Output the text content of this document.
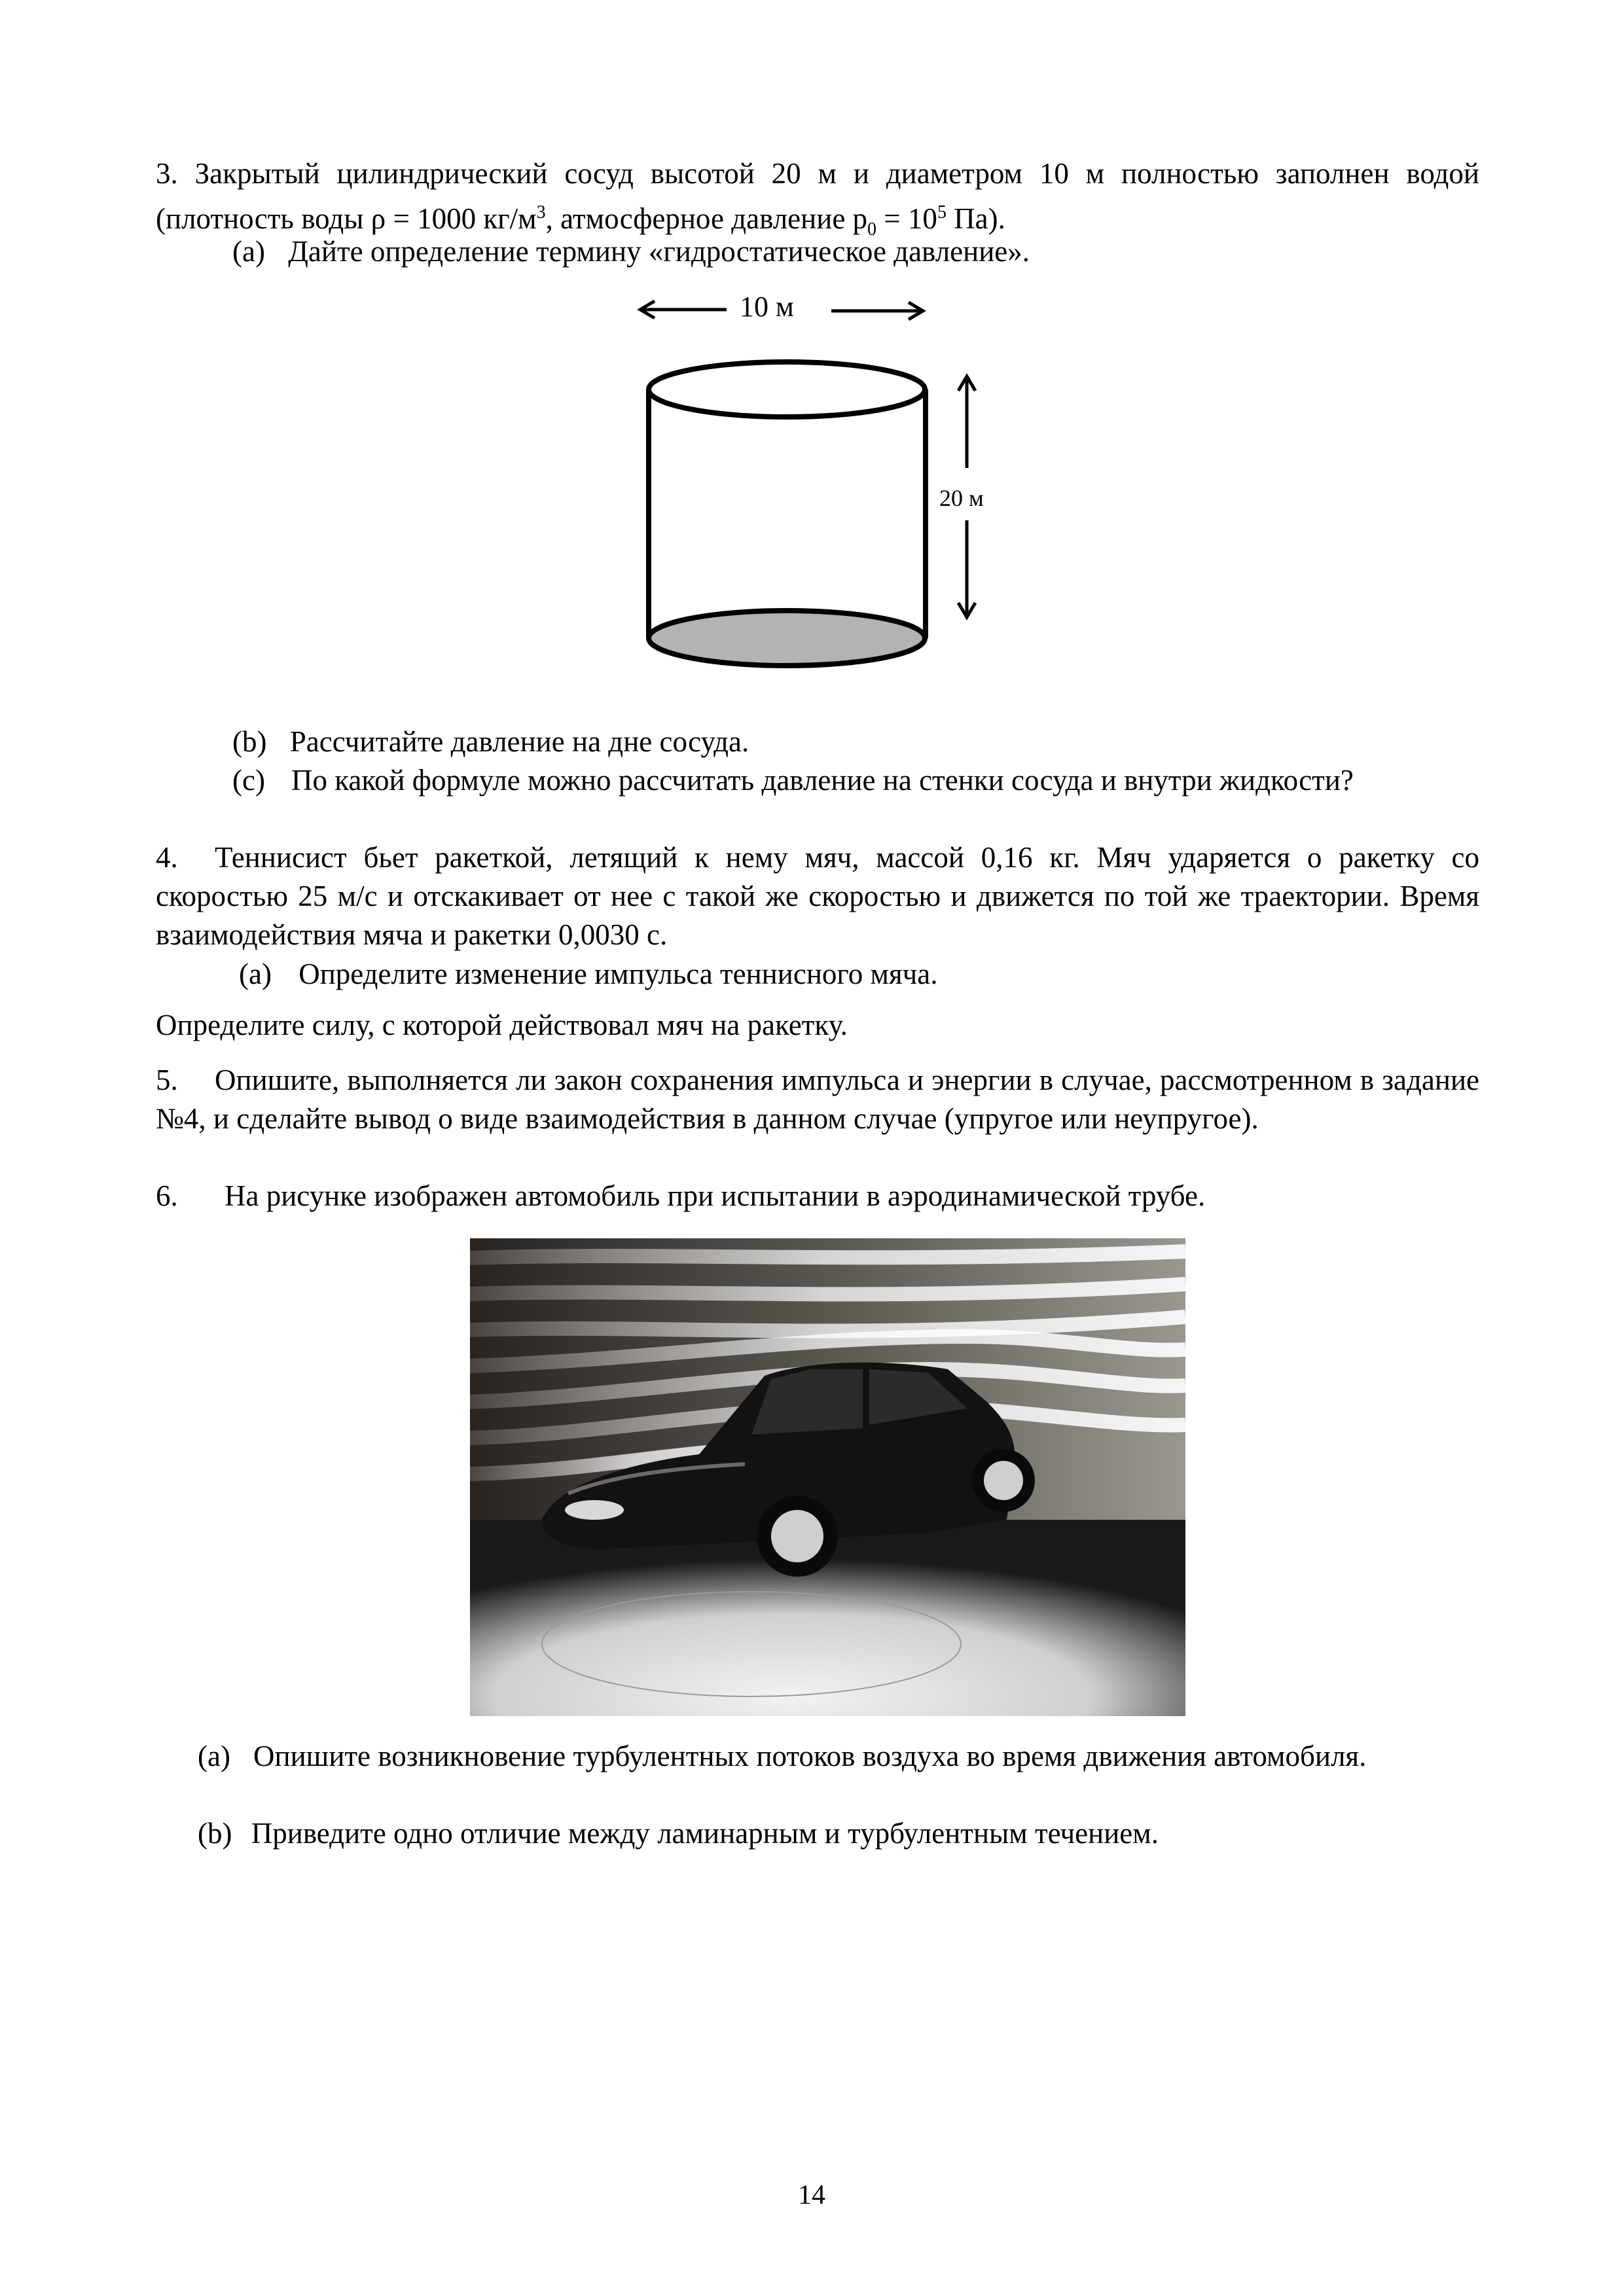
3. Закрытый цилиндрический сосуд высотой 20 м и диаметром 10 м полностью заполнен водой (плотность воды ρ = 1000 $кг/м^3$, атмосферное давление $p_0 = 10^5$ Па).

(a) Дайте определение термину «гидростатическое давление».
10 м
20 м
(b) Рассчитайте давление на дне сосуда.
(c) По какой формуле можно рассчитать давление на стенки сосуда и внутри жидкости?

4.	Теннисист бьет ракеткой, летящий к нему мяч, массой 0,16 кг. Мяч ударяется о ракетку со скоростью 25 м/с и отскакивает от нее с такой же скоростью и движется по той же траектории. Время взаимодействия мяча и ракетки 0,0030 с.

(a) Определите изменение импульса теннисного мяча.

Определите силу, с которой действовал мяч на ракетку.

5.	Опишите, выполняется ли закон сохранения импульса и энергии в случае, рассмотренном в задание №4, и сделайте вывод о виде взаимодействия в данном случае (упругое или неупругое).

6. На рисунке изображен автомобиль при испытании в аэродинамической трубе.
(a) Опишите возникновение турбулентных потоков воздуха во время движения автомобиля.

(b) Приведите одно отличие между ламинарным и турбулентным течением.
14
